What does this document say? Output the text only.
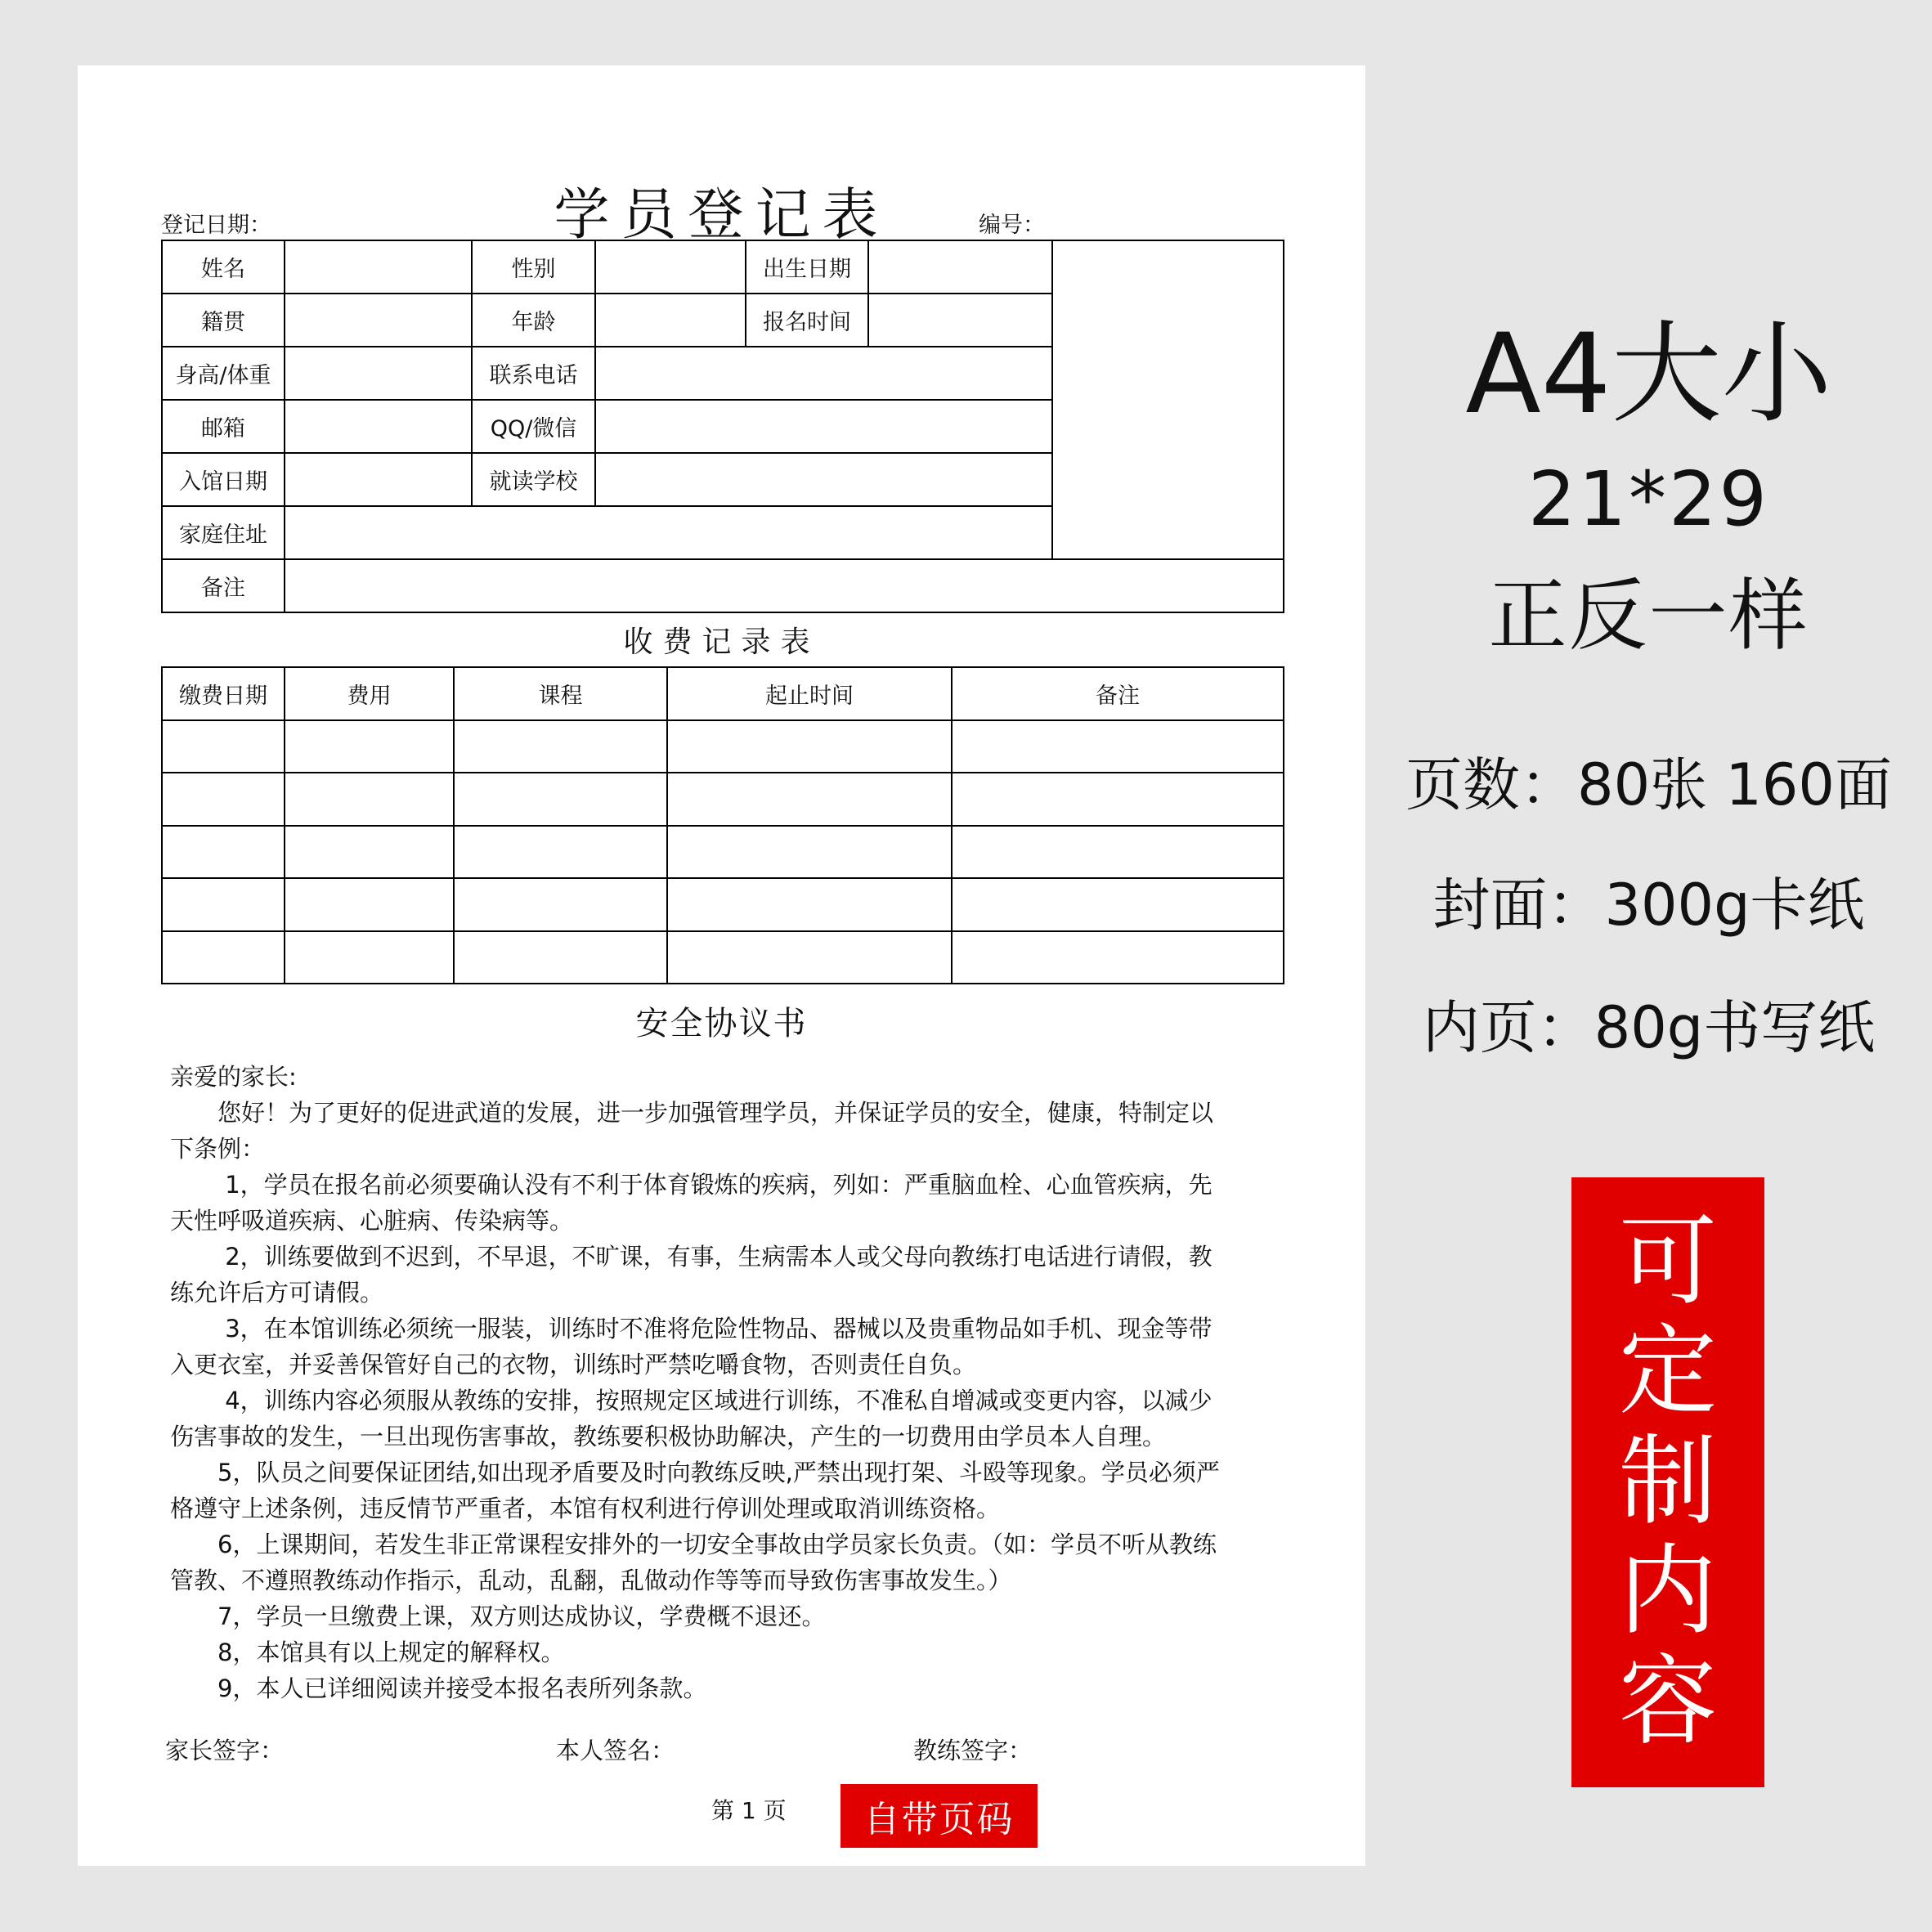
学员登记表
登记日期：	编号：
姓名		性别		出生日期		
籍贯		年龄		报名时间		
身高/体重		联系电话				
邮箱		QQ/微信				
入馆日期		就读学校				
家庭住址						
备注						
收费记录表
缴费日期	费用	课程	起止时间	备注

安全协议书
亲爱的家长:
　　您好！为了更好的促进武道的发展，进一步加强管理学员，并保证学员的安全，健康，特制定以
下条例：
　　 1，学员在报名前必须要确认没有不利于体育锻炼的疾病，列如：严重脑血栓、心血管疾病，先
天性呼吸道疾病、心脏病、传染病等。
　　 2，训练要做到不迟到，不早退，不旷课，有事，生病需本人或父母向教练打电话进行请假，教
练允许后方可请假。
　　 3，在本馆训练必须统一服装，训练时不准将危险性物品、器械以及贵重物品如手机、现金等带
入更衣室，并妥善保管好自己的衣物，训练时严禁吃嚼食物，否则责任自负。
　　 4，训练内容必须服从教练的安排，按照规定区域进行训练，不准私自增减或变更内容，以减少
伤害事故的发生，一旦出现伤害事故，教练要积极协助解决，产生的一切费用由学员本人自理。
　　5，队员之间要保证团结,如出现矛盾要及时向教练反映,严禁出现打架、斗殴等现象。学员必须严
格遵守上述条例，违反情节严重者，本馆有权利进行停训处理或取消训练资格。
　　6，上课期间，若发生非正常课程安排外的一切安全事故由学员家长负责。（如：学员不听从教练
管教、不遵照教练动作指示，乱动，乱翻，乱做动作等等而导致伤害事故发生。）
　　7，学员一旦缴费上课，双方则达成协议，学费概不退还。
　　8，本馆具有以上规定的解释权。
　　9，本人已详细阅读并接受本报名表所列条款。
家长签字：	本人签名：	教练签字：
第 1 页	自带页码
A4大小
21*29
正反一样
页数：80张 160面
封面：300g卡纸
内页：80g书写纸
可
定
制
内
容
